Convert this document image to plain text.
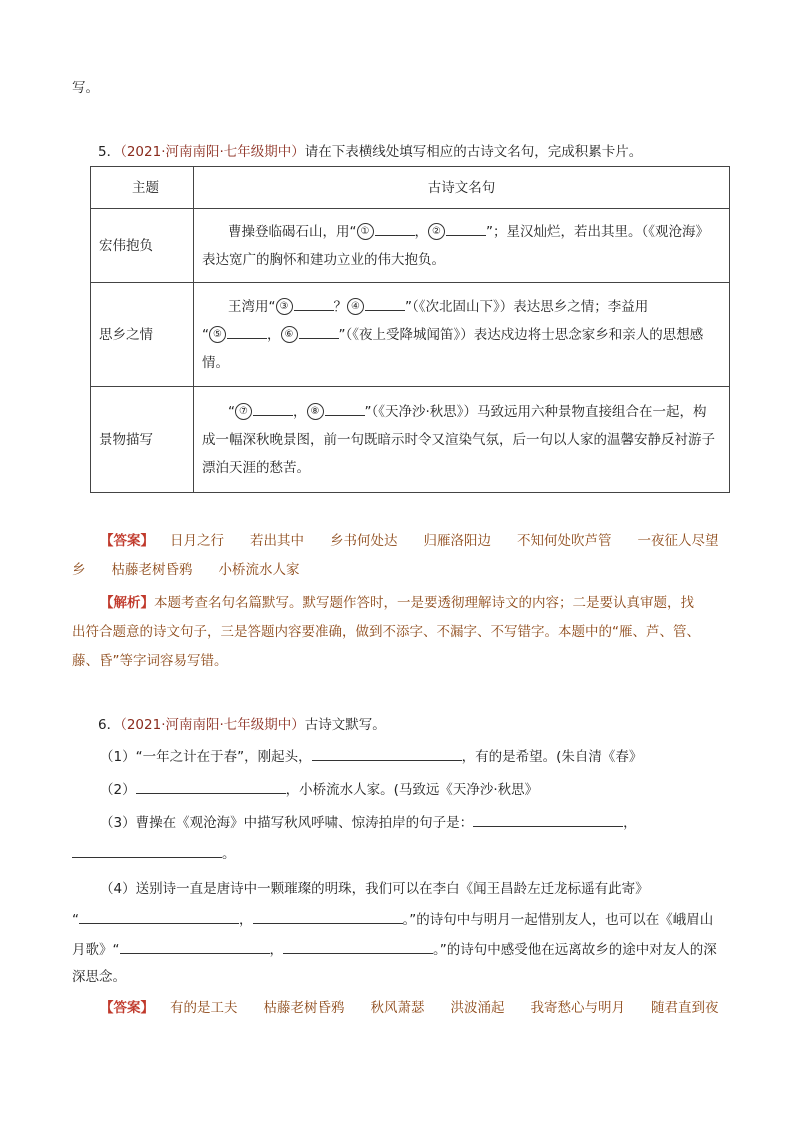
写。
5．（2021·河南南阳·七年级期中）请在下表横线处填写相应的古诗文名句，完成积累卡片。
主题	古诗文名句
宏伟抱负	曹操登临碣石山，用“ ① ， ② ”；星汉灿烂，若出其里。（《观沧海》
表达宽广的胸怀和建功立业的伟大抱负。

思乡之情	王湾用“ ③ ？ ④ ”（《次北固山下》）表达思乡之情；李益用
“ ⑤ ， ⑥ ”（《夜上受降城闻笛》）表达戍边将士思念家乡和亲人的思想感
情。

景物描写	“ ⑦ ， ⑧ ”（《天净沙·秋思》）马致远用六种景物直接组合在一起，构
成一幅深秋晚景图，前一句既暗示时令又渲染气氛，后一句以人家的温馨安静反衬游子
漂泊天涯的愁苦。
【答案】 日月之行 若出其中 乡书何处达 归雁洛阳边 不知何处吹芦管 一夜征人尽望
乡 枯藤老树昏鸦 小桥流水人家
【解析】本题考查名句名篇默写。默写题作答时，一是要透彻理解诗文的内容；二是要认真审题，找
出符合题意的诗文句子，三是答题内容要准确，做到不添字、不漏字、不写错字。本题中的“雁、芦、管、
藤、昏”等字词容易写错。
6．（2021·河南南阳·七年级期中）古诗文默写。
（1）“一年之计在于春”，刚起头，	，有的是希望。(朱自清《春》
（2）	，小桥流水人家。(马致远《天净沙·秋思》
（3）曹操在《观沧海》中描写秋风呼啸、惊涛拍岸的句子是：	，
。
（4）送别诗一直是唐诗中一颗璀璨的明珠，我们可以在李白《闻王昌龄左迁龙标遥有此寄》
“	，	。”的诗句中与明月一起惜别友人，也可以在《峨眉山
月歌》“	，	。”的诗句中感受他在远离故乡的途中对友人的深
深思念。
【答案】 有的是工夫 枯藤老树昏鸦 秋风萧瑟 洪波涌起 我寄愁心与明月 随君直到夜
